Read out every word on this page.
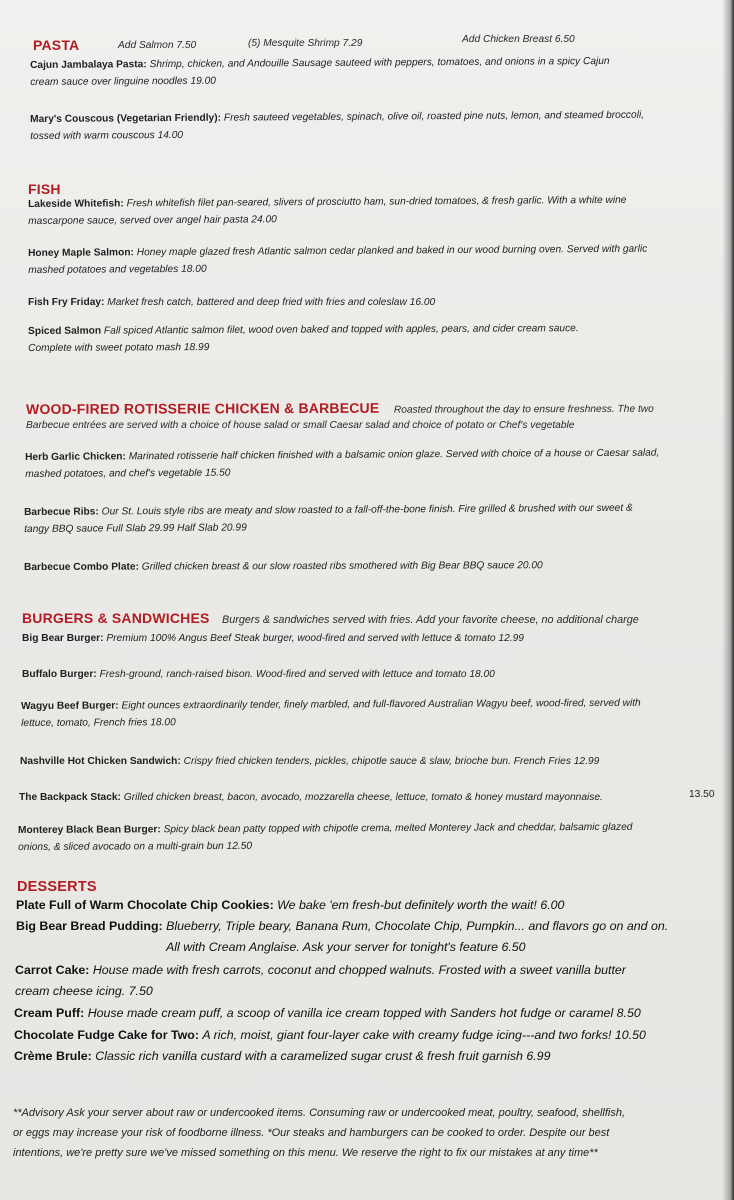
PASTA	Add Salmon 7.50	(5) Mesquite Shrimp 7.29	Add Chicken Breast 6.50
Cajun Jambalaya Pasta: Shrimp, chicken, and Andouille Sausage sauteed with peppers, tomatoes, and onions in a spicy Cajun
cream sauce over linguine noodles 19.00
Mary's Couscous (Vegetarian Friendly): Fresh sauteed vegetables, spinach, olive oil, roasted pine nuts, lemon, and steamed broccoli,
tossed with warm couscous 14.00
FISH
Lakeside Whitefish: Fresh whitefish filet pan-seared, slivers of prosciutto ham, sun-dried tomatoes, & fresh garlic. With a white wine
mascarpone sauce, served over angel hair pasta 24.00
Honey Maple Salmon: Honey maple glazed fresh Atlantic salmon cedar planked and baked in our wood burning oven. Served with garlic
mashed potatoes and vegetables 18.00
Fish Fry Friday: Market fresh catch, battered and deep fried with fries and coleslaw 16.00
Spiced Salmon Fall spiced Atlantic salmon filet, wood oven baked and topped with apples, pears, and cider cream sauce.
Complete with sweet potato mash 18.99
WOOD-FIRED ROTISSERIE CHICKEN & BARBECUE Roasted throughout the day to ensure freshness. The two
Barbecue entrées are served with a choice of house salad or small Caesar salad and choice of potato or Chef's vegetable
Herb Garlic Chicken: Marinated rotisserie half chicken finished with a balsamic onion glaze. Served with choice of a house or Caesar salad,
mashed potatoes, and chef's vegetable 15.50
Barbecue Ribs: Our St. Louis style ribs are meaty and slow roasted to a fall-off-the-bone finish. Fire grilled & brushed with our sweet &
tangy BBQ sauce Full Slab 29.99 Half Slab 20.99
Barbecue Combo Plate: Grilled chicken breast & our slow roasted ribs smothered with Big Bear BBQ sauce 20.00
BURGERS & SANDWICHES Burgers & sandwiches served with fries. Add your favorite cheese, no additional charge
Big Bear Burger: Premium 100% Angus Beef Steak burger, wood-fired and served with lettuce & tomato 12.99
Buffalo Burger: Fresh-ground, ranch-raised bison. Wood-fired and served with lettuce and tomato 18.00
Wagyu Beef Burger: Eight ounces extraordinarily tender, finely marbled, and full-flavored Australian Wagyu beef, wood-fired, served with
lettuce, tomato, French fries 18.00
Nashville Hot Chicken Sandwich: Crispy fried chicken tenders, pickles, chipotle sauce & slaw, brioche bun. French Fries 12.99
The Backpack Stack: Grilled chicken breast, bacon, avocado, mozzarella cheese, lettuce, tomato & honey mustard mayonnaise.	13.50
Monterey Black Bean Burger: Spicy black bean patty topped with chipotle crema, melted Monterey Jack and cheddar, balsamic glazed
onions, & sliced avocado on a multi-grain bun 12.50
DESSERTS
Plate Full of Warm Chocolate Chip Cookies: We bake 'em fresh-but definitely worth the wait! 6.00
Big Bear Bread Pudding: Blueberry, Triple beary, Banana Rum, Chocolate Chip, Pumpkin... and flavors go on and on.
All with Cream Anglaise. Ask your server for tonight's feature 6.50
Carrot Cake: House made with fresh carrots, coconut and chopped walnuts. Frosted with a sweet vanilla butter
cream cheese icing. 7.50
Cream Puff: House made cream puff, a scoop of vanilla ice cream topped with Sanders hot fudge or caramel 8.50
Chocolate Fudge Cake for Two: A rich, moist, giant four-layer cake with creamy fudge icing---and two forks! 10.50
Crème Brule: Classic rich vanilla custard with a caramelized sugar crust & fresh fruit garnish 6.99
**Advisory Ask your server about raw or undercooked items. Consuming raw or undercooked meat, poultry, seafood, shellfish,
or eggs may increase your risk of foodborne illness. *Our steaks and hamburgers can be cooked to order. Despite our best
intentions, we're pretty sure we've missed something on this menu. We reserve the right to fix our mistakes at any time**
